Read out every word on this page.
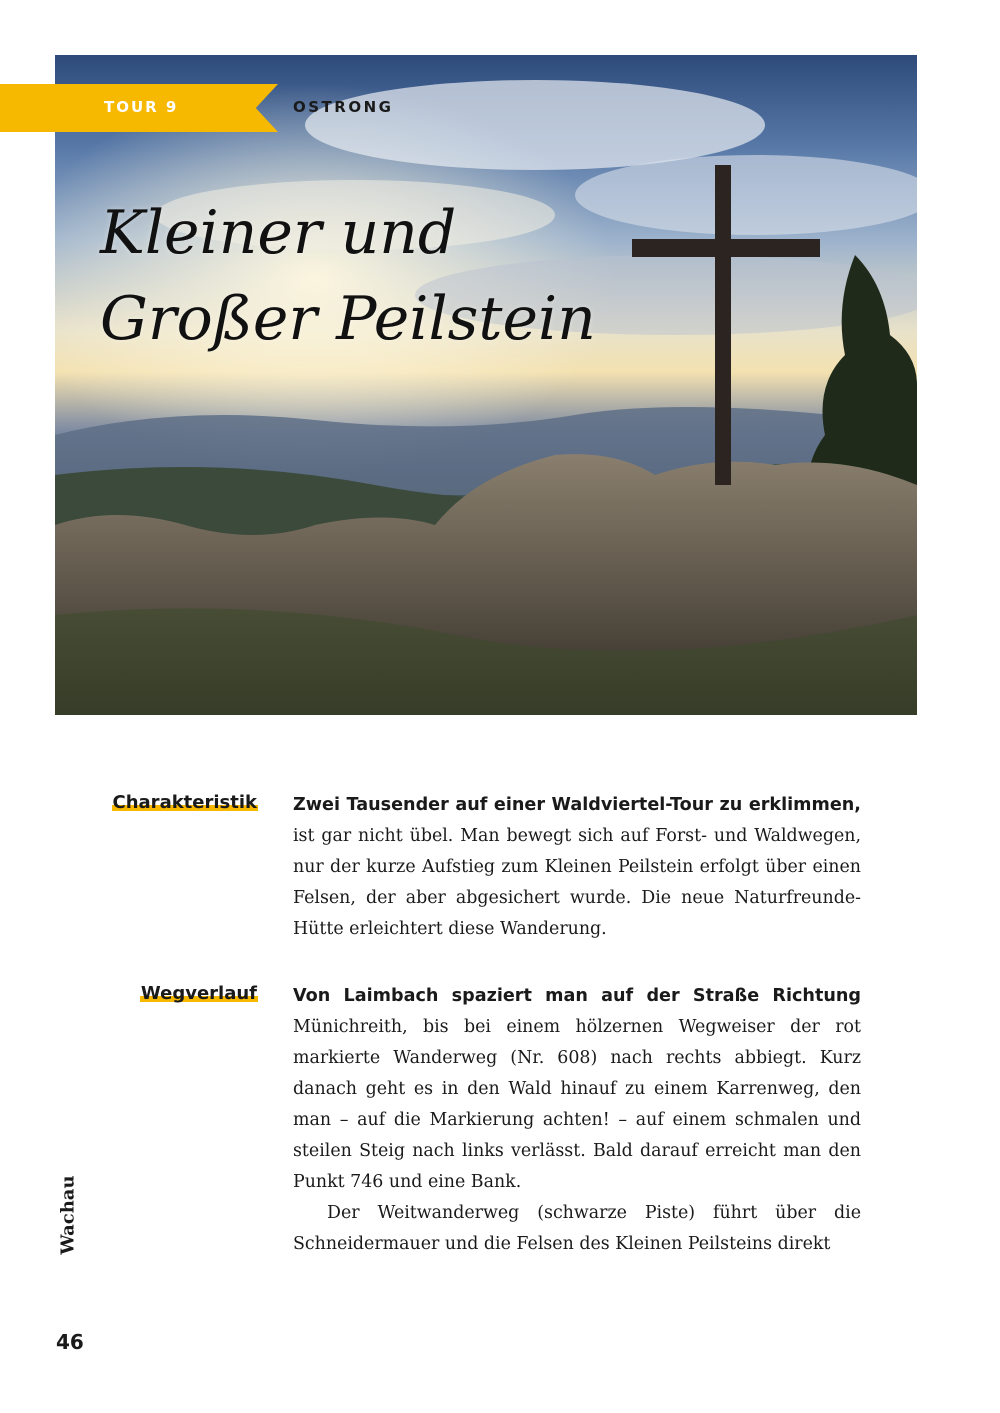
TOUR 9	OSTRONG
Kleiner und
Großer Peilstein
Charakteristik Zwei Tausender auf einer Waldviertel-Tour zu erklimmen, ist gar nicht übel. Man bewegt sich auf Forst- und Waldwegen, nur der kurze Aufstieg zum Kleinen Peilstein erfolgt über einen Felsen, der aber abgesichert wurde. Die neue Naturfreunde-Hütte erleichtert diese Wanderung.

Wegverlauf Von Laimbach spaziert man auf der Straße Richtung Münichreith, bis bei einem hölzernen Wegweiser der rot markierte Wanderweg (Nr. 608) nach rechts abbiegt. Kurz danach geht es in den Wald hinauf zu einem Karrenweg, den man – auf die Markierung achten! – auf einem schmalen und steilen Steig nach links verlässt. Bald darauf erreicht man den Punkt 746 und eine Bank.

Der Weitwanderweg (schwarze Piste) führt über die Schneidermauer und die Felsen des Kleinen Peilsteins direkt

Wachau
46
